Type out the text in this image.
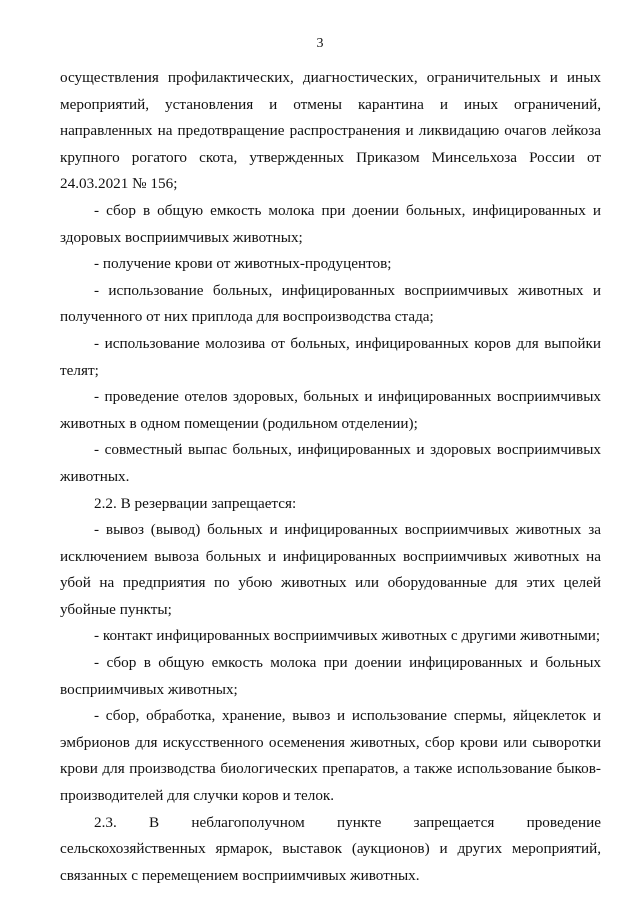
3

осуществления профилактических, диагностических, ограничительных и иных мероприятий, установления и отмены карантина и иных ограничений, направленных на предотвращение распространения и ликвидацию очагов лейкоза крупного рогатого скота, утвержденных Приказом Минсельхоза России от 24.03.2021 № 156;

- сбор в общую емкость молока при доении больных, инфицированных и здоровых восприимчивых животных;

- получение крови от животных-продуцентов;

- использование больных, инфицированных восприимчивых животных и полученного от них приплода для воспроизводства стада;

- использование молозива от больных, инфицированных коров для выпойки телят;

- проведение отелов здоровых, больных и инфицированных восприимчивых животных в одном помещении (родильном отделении);

- совместный выпас больных, инфицированных и здоровых восприимчивых животных.

2.2. В резервации запрещается:

- вывоз (вывод) больных и инфицированных восприимчивых животных за исключением вывоза больных и инфицированных восприимчивых животных на убой на предприятия по убою животных или оборудованные для этих целей убойные пункты;

- контакт инфицированных восприимчивых животных с другими животными;

- сбор в общую емкость молока при доении инфицированных и больных восприимчивых животных;

- сбор, обработка, хранение, вывоз и использование спермы, яйцеклеток и эмбрионов для искусственного осеменения животных, сбор крови или сыворотки крови для производства биологических препаратов, а также использование быков-производителей для случки коров и телок.

2.3. В неблагополучном пункте запрещается проведение сельскохозяйственных ярмарок, выставок (аукционов) и других мероприятий, связанных с перемещением восприимчивых животных.
